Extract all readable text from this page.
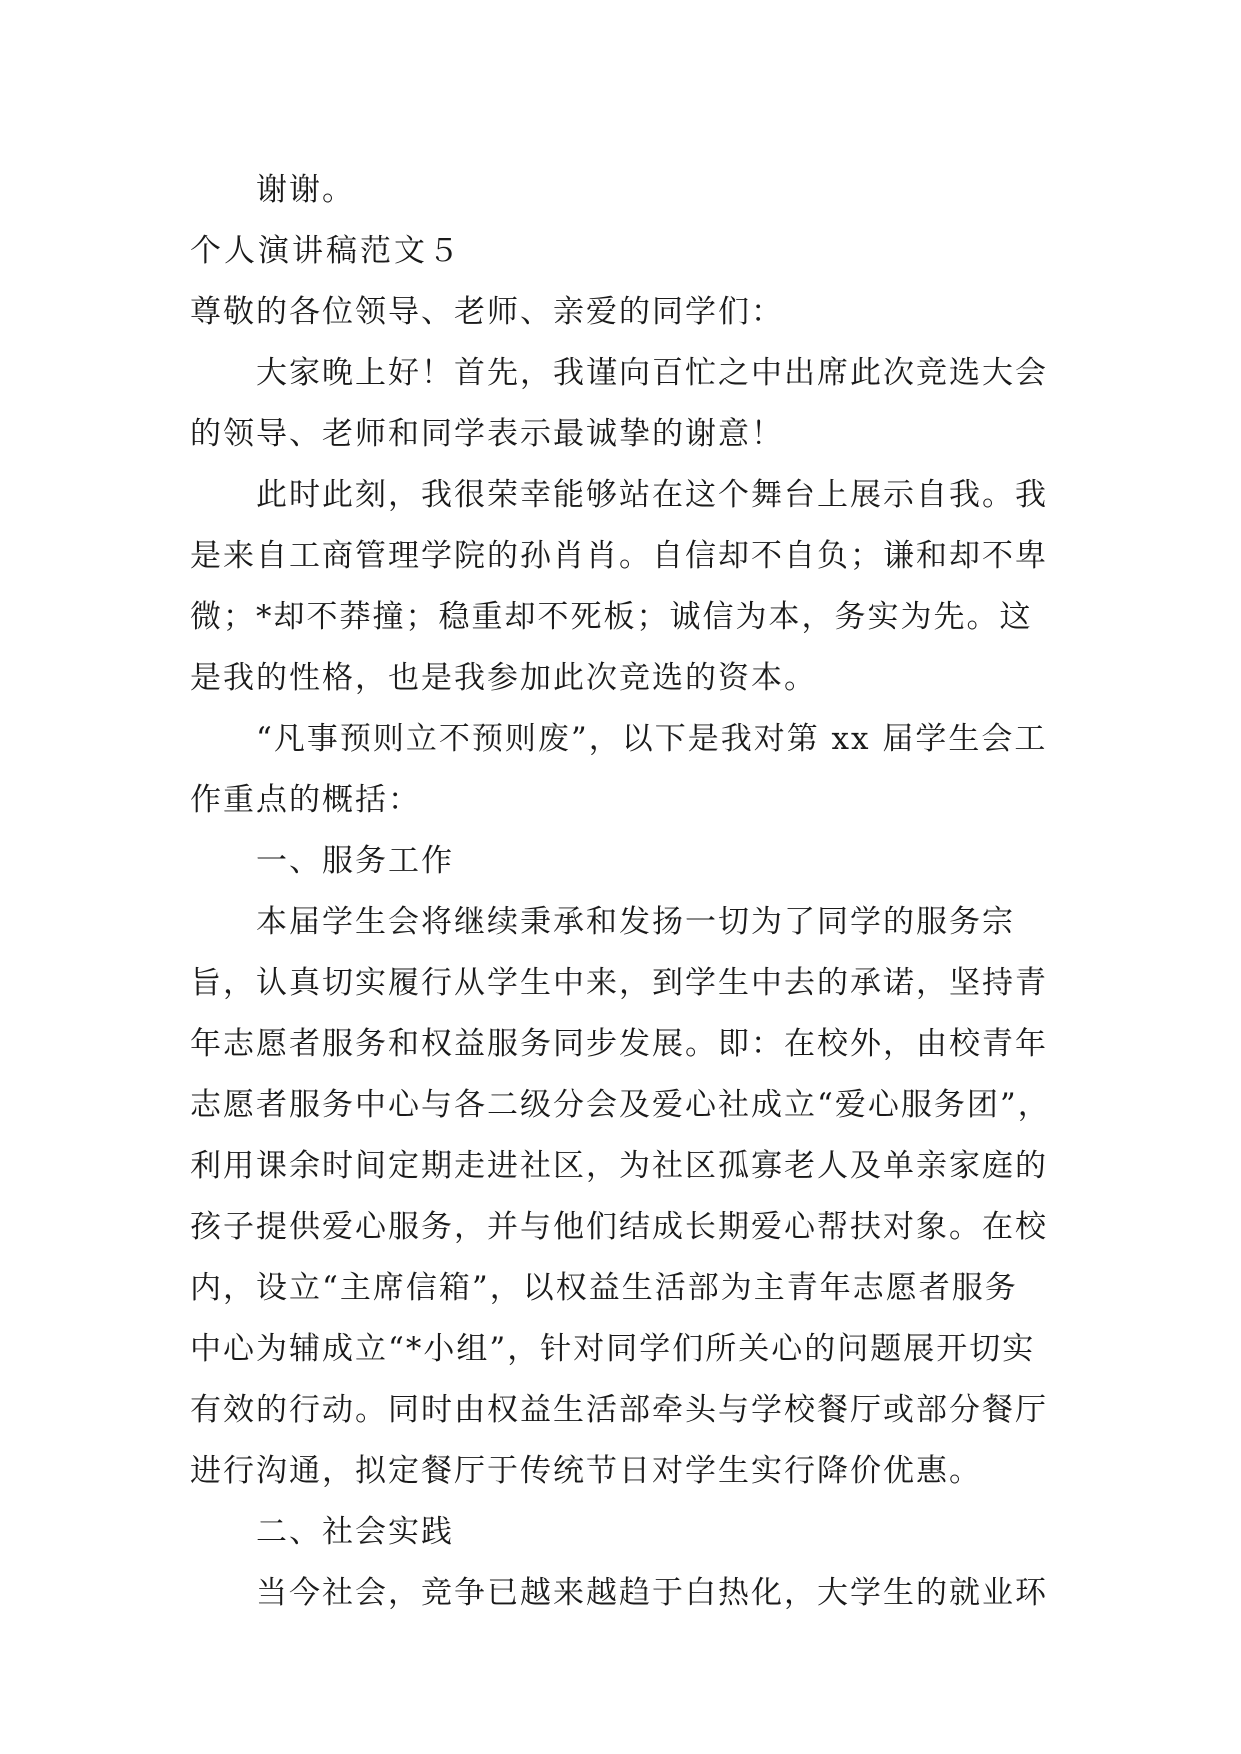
谢谢。
个人演讲稿范文５
尊敬的各位领导、老师、亲爱的同学们：
大家晚上好！首先，我谨向百忙之中出席此次竞选大会
的领导、老师和同学表示最诚挚的谢意！
此时此刻，我很荣幸能够站在这个舞台上展示自我。我
是来自工商管理学院的孙肖肖。自信却不自负；谦和却不卑
微；*却不莽撞；稳重却不死板；诚信为本，务实为先。这
是我的性格，也是我参加此次竞选的资本。
“凡事预则立不预则废”，以下是我对第 xx 届学生会工
作重点的概括：
一、服务工作
本届学生会将继续秉承和发扬一切为了同学的服务宗
旨，认真切实履行从学生中来，到学生中去的承诺，坚持青
年志愿者服务和权益服务同步发展。即：在校外，由校青年
志愿者服务中心与各二级分会及爱心社成立“爱心服务团”，
利用课余时间定期走进社区，为社区孤寡老人及单亲家庭的
孩子提供爱心服务，并与他们结成长期爱心帮扶对象。在校
内，设立“主席信箱”，以权益生活部为主青年志愿者服务
中心为辅成立“*小组”，针对同学们所关心的问题展开切实
有效的行动。同时由权益生活部牵头与学校餐厅或部分餐厅
进行沟通，拟定餐厅于传统节日对学生实行降价优惠。
二、社会实践
当今社会，竞争已越来越趋于白热化，大学生的就业环
